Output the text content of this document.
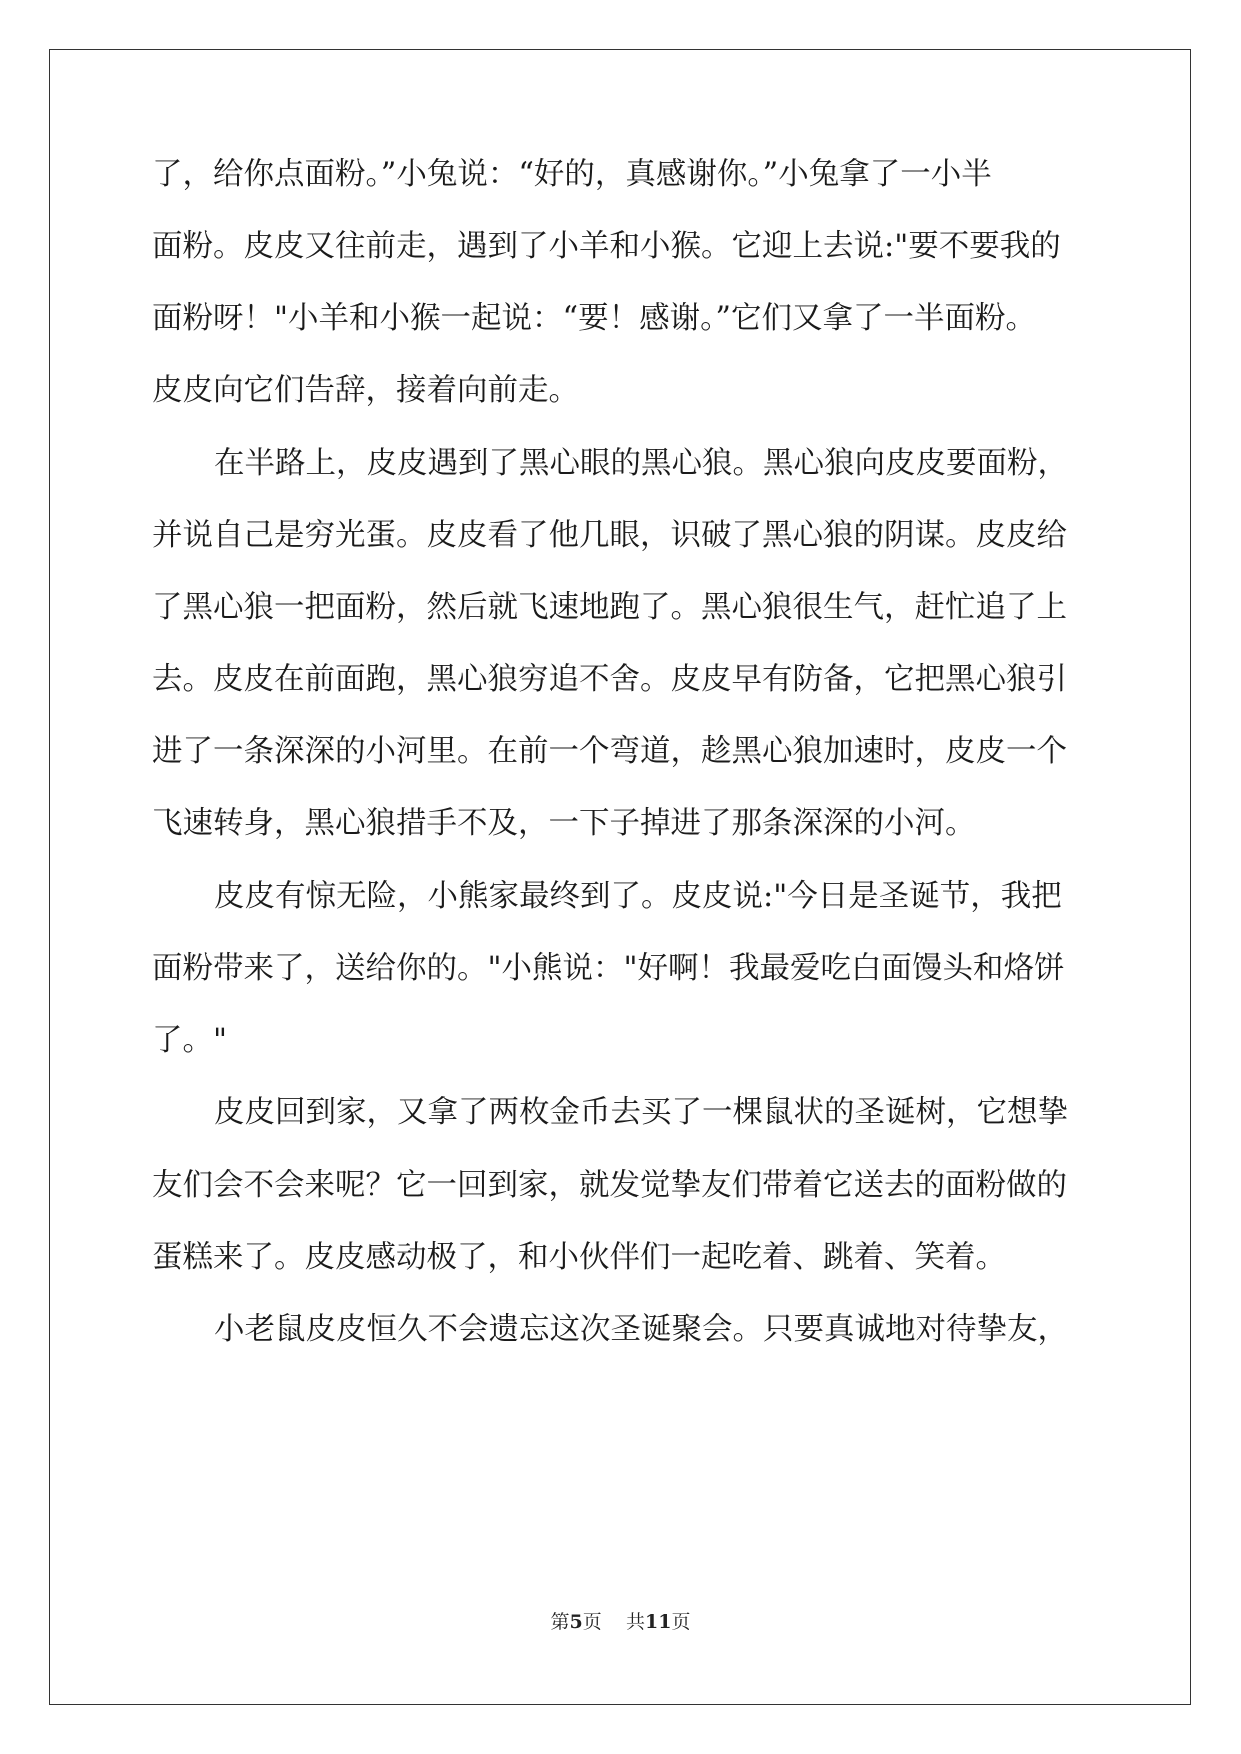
了，给你点面粉。”小兔说：“好的，真感谢你。”小兔拿了一小半

面粉。皮皮又往前走，遇到了小羊和小猴。它迎上去说:"要不要我的

面粉呀！"小羊和小猴一起说：“要！感谢。”它们又拿了一半面粉。

皮皮向它们告辞，接着向前走。

在半路上，皮皮遇到了黑心眼的黑心狼。黑心狼向皮皮要面粉，

并说自己是穷光蛋。皮皮看了他几眼，识破了黑心狼的阴谋。皮皮给

了黑心狼一把面粉，然后就飞速地跑了。黑心狼很生气，赶忙追了上

去。皮皮在前面跑，黑心狼穷追不舍。皮皮早有防备，它把黑心狼引

进了一条深深的小河里。在前一个弯道，趁黑心狼加速时，皮皮一个

飞速转身，黑心狼措手不及，一下子掉进了那条深深的小河。

皮皮有惊无险，小熊家最终到了。皮皮说:"今日是圣诞节，我把

面粉带来了，送给你的。"小熊说："好啊！我最爱吃白面馒头和烙饼

了。"

皮皮回到家，又拿了两枚金币去买了一棵鼠状的圣诞树，它想挚

友们会不会来呢？它一回到家，就发觉挚友们带着它送去的面粉做的

蛋糕来了。皮皮感动极了，和小伙伴们一起吃着、跳着、笑着。

小老鼠皮皮恒久不会遗忘这次圣诞聚会。只要真诚地对待挚友，

第5页 共11页
